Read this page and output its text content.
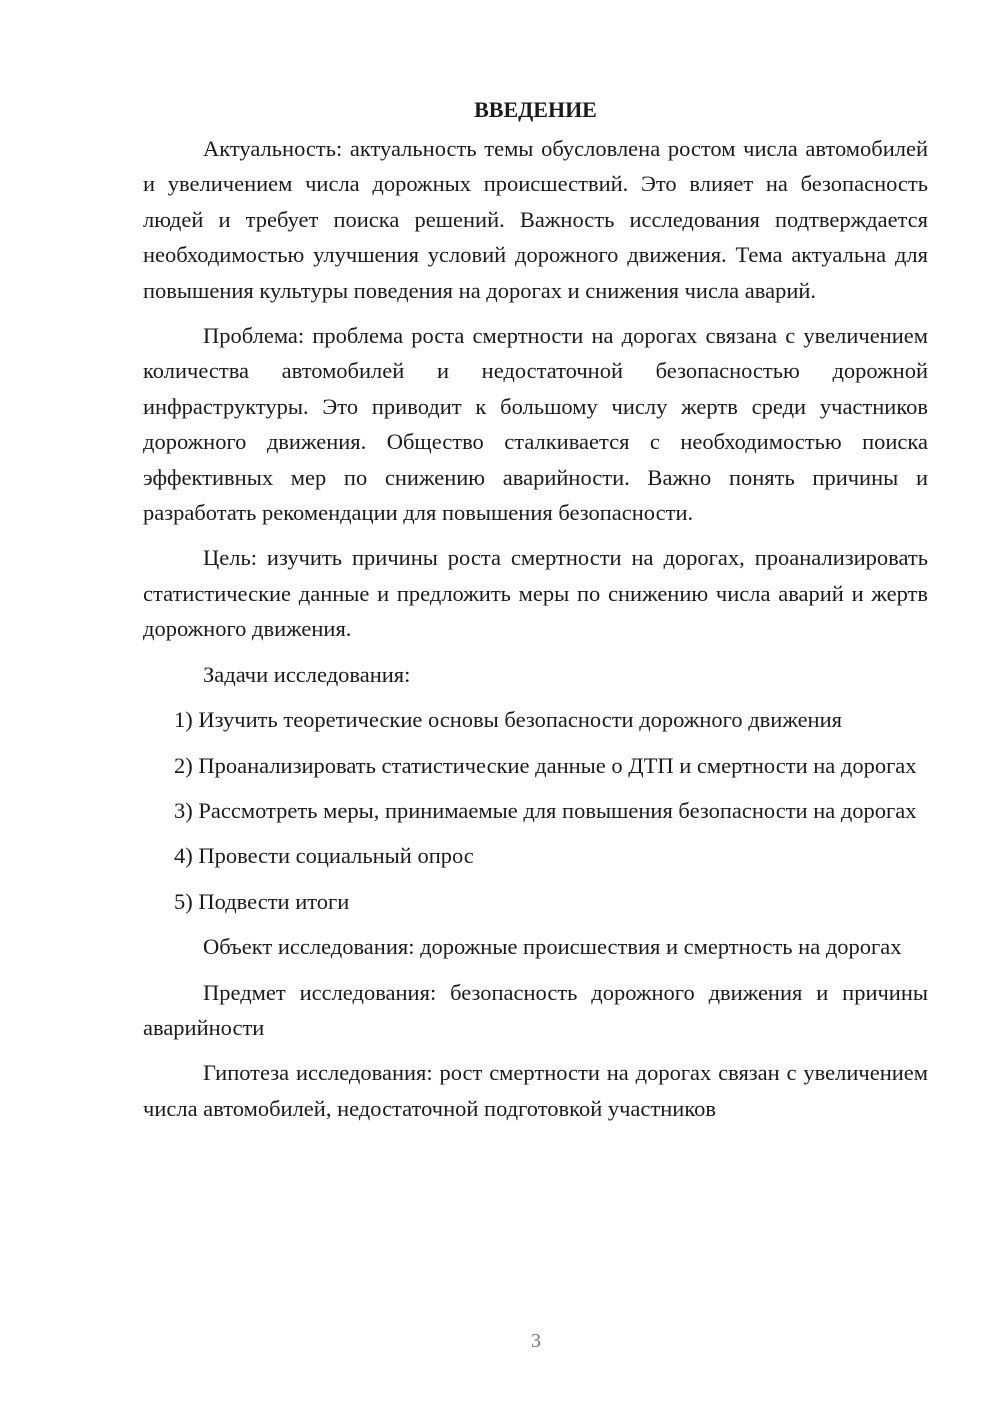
ВВЕДЕНИЕ

Актуальность: актуальность темы обусловлена ростом числа автомобилей и увеличением числа дорожных происшествий. Это влияет на безопасность людей и требует поиска решений. Важность исследования подтверждается необходимостью улучшения условий дорожного движения. Тема актуальна для повышения культуры поведения на дорогах и снижения числа аварий.

Проблема: проблема роста смертности на дорогах связана с увеличением количества автомобилей и недостаточной безопасностью дорожной инфраструктуры. Это приводит к большому числу жертв среди участников дорожного движения. Общество сталкивается с необходимостью поиска эффективных мер по снижению аварийности. Важно понять причины и разработать рекомендации для повышения безопасности.

Цель: изучить причины роста смертности на дорогах, проанализировать статистические данные и предложить меры по снижению числа аварий и жертв дорожного движения.

Задачи исследования:

1) Изучить теоретические основы безопасности дорожного движения

2) Проанализировать статистические данные о ДТП и смертности на дорогах

3) Рассмотреть меры, принимаемые для повышения безопасности на дорогах

4) Провести социальный опрос

5) Подвести итоги

Объект исследования: дорожные происшествия и смертность на дорогах

Предмет исследования: безопасность дорожного движения и причины аварийности

Гипотеза исследования: рост смертности на дорогах связан с увеличением числа автомобилей, недостаточной подготовкой участников

3
